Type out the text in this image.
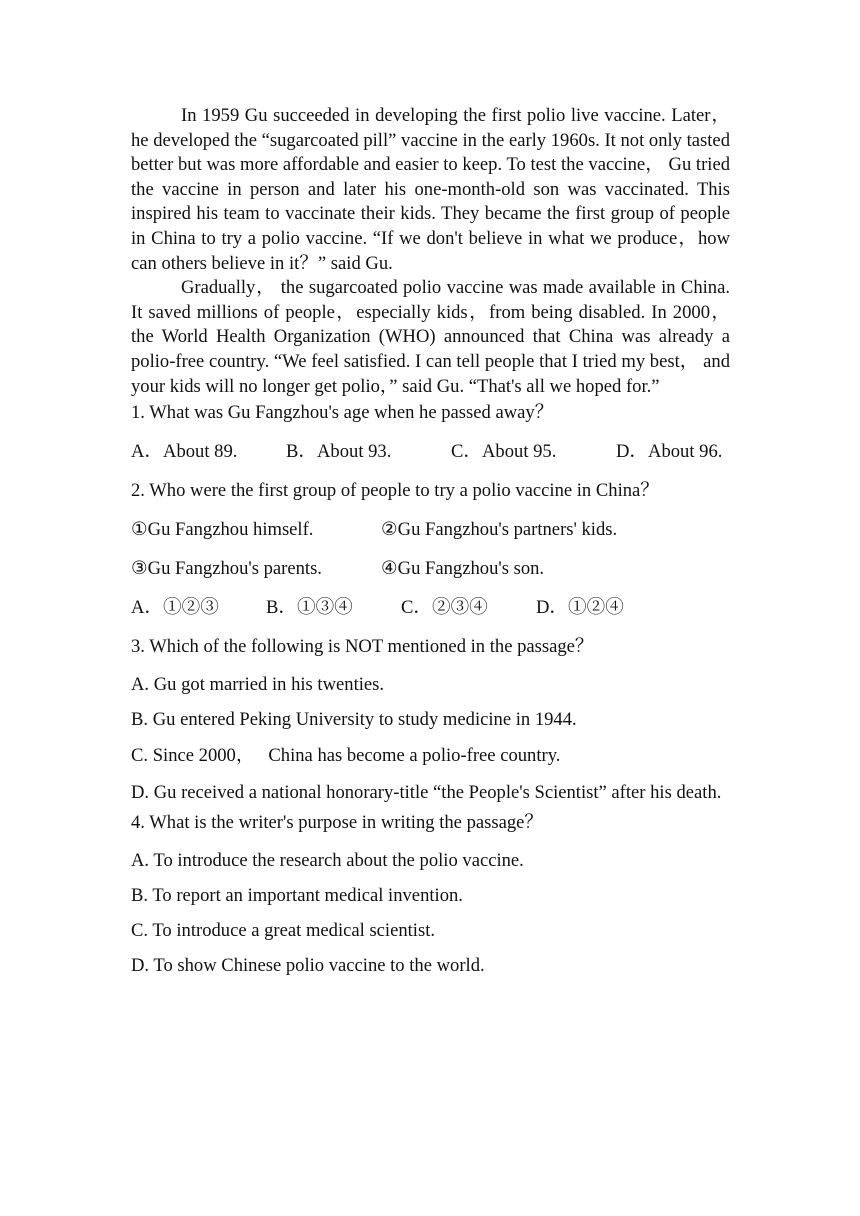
In 1959 Gu succeeded in developing the first polio live vaccine. Later， he developed the “sugarcoated pill” vaccine in the early 1960s. It not only tasted better but was more affordable and easier to keep. To test the vaccine， Gu tried the vaccine in person and later his one-month-old son was vaccinated. This inspired his team to vaccinate their kids. They became the first group of people in China to try a polio vaccine. “If we don't believe in what we produce，how can others believe in it？” said Gu.

Gradually， the sugarcoated polio vaccine was made available in China. It saved millions of people，especially kids，from being disabled. In 2000， the World Health Organization (WHO) announced that China was already a polio-free country. “We feel satisfied. I can tell people that I tried my best， and your kids will no longer get polio，” said Gu. “That's all we hoped for.”

1. What was Gu Fangzhou's age when he passed away？
A．About 89.	B．About 93.	C．About 95.	D．About 96.
2. Who were the first group of people to try a polio vaccine in China？
①Gu Fangzhou himself.	②Gu Fangzhou's partners' kids.
③Gu Fangzhou's parents.	④Gu Fangzhou's son.
A．①②③	B．①③④	C．②③④	D．①②④
3. Which of the following is NOT mentioned in the passage？
A. Gu got married in his twenties.
B. Gu entered Peking University to study medicine in 1944.
C. Since 2000，   China has become a polio-free country.
D. Gu received a national honorary-title “the People's Scientist” after his death.
4. What is the writer's purpose in writing the passage？
A. To introduce the research about the polio vaccine.
B. To report an important medical invention.
C. To introduce a great medical scientist.
D. To show Chinese polio vaccine to the world.
